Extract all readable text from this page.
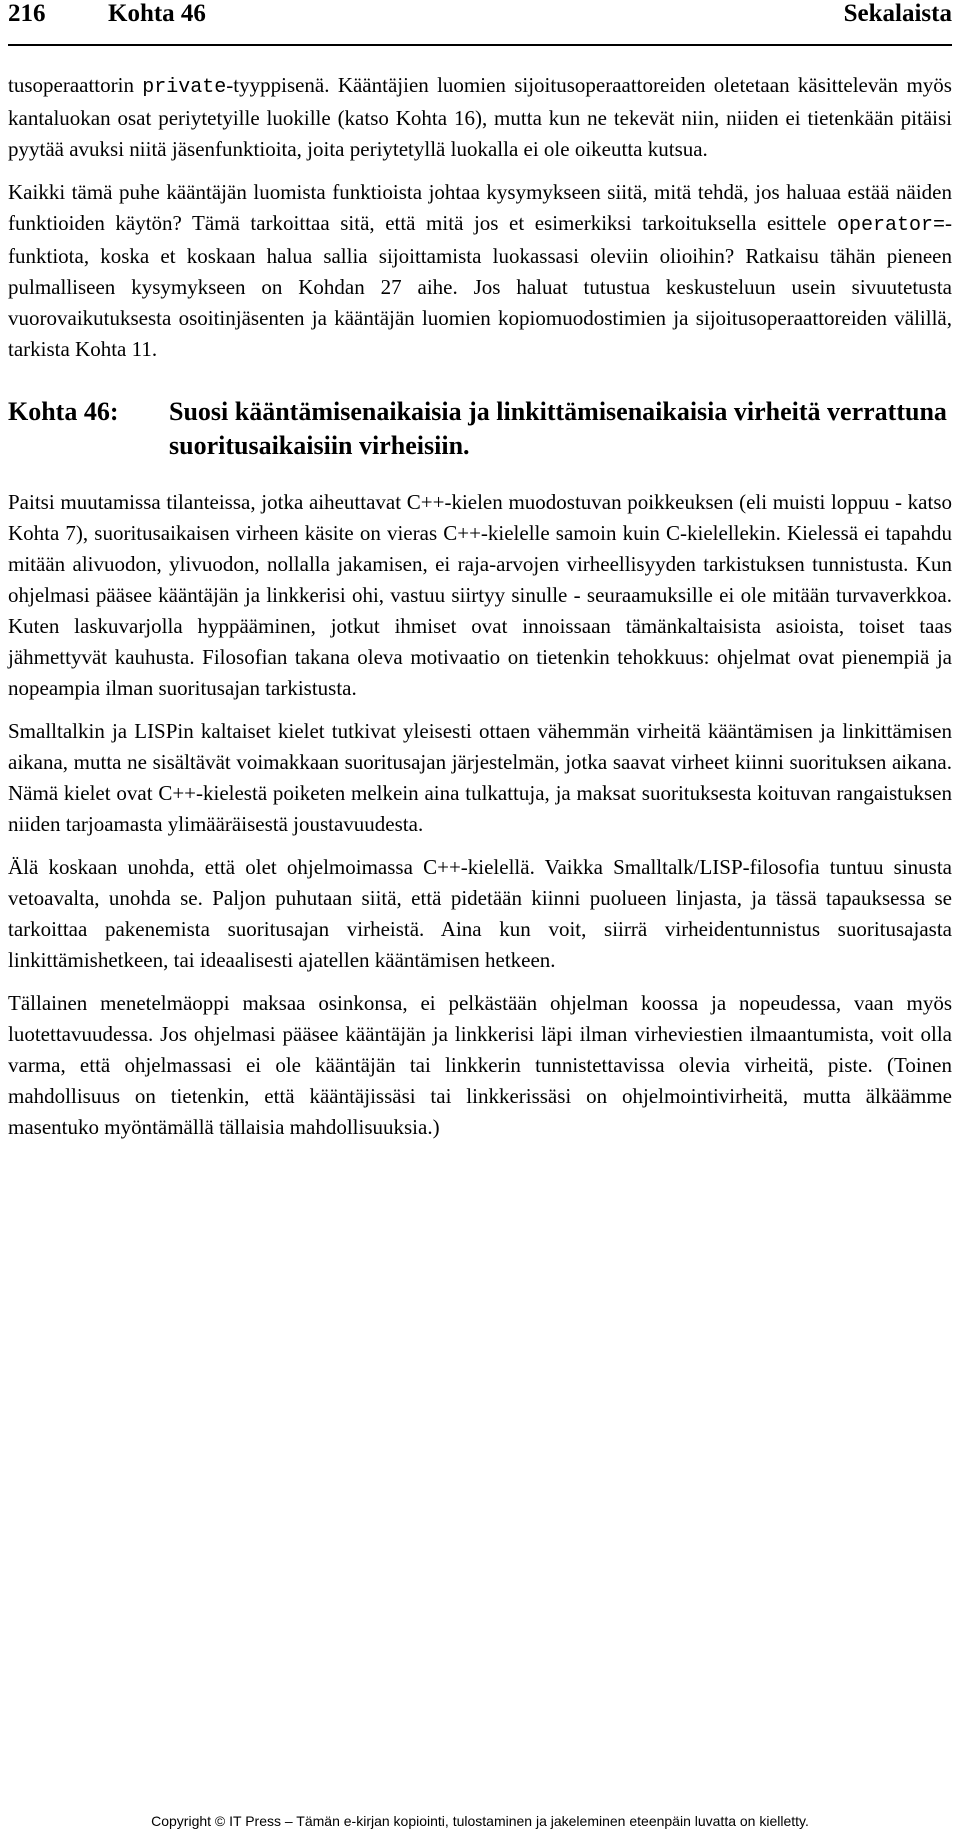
216	Kohta 46	Sekalaista

tusoperaattorin private-tyyppisenä. Kääntäjien luomien sijoitusoperaattoreiden oletetaan käsittelevän myös kantaluokan osat periytetyille luokille (katso Kohta 16), mutta kun ne tekevät niin, niiden ei tietenkään pitäisi pyytää avuksi niitä jäsenfunktioita, joita periytetyllä luokalla ei ole oikeutta kutsua.

Kaikki tämä puhe kääntäjän luomista funktioista johtaa kysymykseen siitä, mitä tehdä, jos haluaa estää näiden funktioiden käytön? Tämä tarkoittaa sitä, että mitä jos et esimerkiksi tarkoituksella esittele operator=-funktiota, koska et koskaan halua sallia sijoittamista luokassasi oleviin olioihin? Ratkaisu tähän pieneen pulmalliseen kysymykseen on Kohdan 27 aihe. Jos haluat tutustua keskusteluun usein sivuutetusta vuorovaikutuksesta osoitinjäsenten ja kääntäjän luomien kopiomuodostimien ja sijoitusoperaattoreiden välillä, tarkista Kohta 11.

Kohta 46:	Suosi kääntämisenaikaisia ja linkittämisenaikaisia virheitä verrattuna suoritusaikaisiin virheisiin.

Paitsi muutamissa tilanteissa, jotka aiheuttavat C++-kielen muodostuvan poikkeuksen (eli muisti loppuu - katso Kohta 7), suoritusaikaisen virheen käsite on vieras C++-kielelle samoin kuin C-kielellekin. Kielessä ei tapahdu mitään alivuodon, ylivuodon, nollalla jakamisen, ei raja-arvojen virheellisyyden tarkistuksen tunnistusta. Kun ohjelmasi pääsee kääntäjän ja linkkerisi ohi, vastuu siirtyy sinulle - seuraamuksille ei ole mitään turvaverkkoa. Kuten laskuvarjolla hyppääminen, jotkut ihmiset ovat innoissaan tämänkaltaisista asioista, toiset taas jähmettyvät kauhusta. Filosofian takana oleva motivaatio on tietenkin tehokkuus: ohjelmat ovat pienempiä ja nopeampia ilman suoritusajan tarkistusta.

Smalltalkin ja LISPin kaltaiset kielet tutkivat yleisesti ottaen vähemmän virheitä kääntämisen ja linkittämisen aikana, mutta ne sisältävät voimakkaan suoritusajan järjestelmän, jotka saavat virheet kiinni suorituksen aikana. Nämä kielet ovat C++-kielestä poiketen melkein aina tulkattuja, ja maksat suorituksesta koituvan rangaistuksen niiden tarjoamasta ylimääräisestä joustavuudesta.

Älä koskaan unohda, että olet ohjelmoimassa C++-kielellä. Vaikka Smalltalk/LISP-filosofia tuntuu sinusta vetoavalta, unohda se. Paljon puhutaan siitä, että pidetään kiinni puolueen linjasta, ja tässä tapauksessa se tarkoittaa pakenemista suoritusajan virheistä. Aina kun voit, siirrä virheidentunnistus suoritusajasta linkittämishetkeen, tai ideaalisesti ajatellen kääntämisen hetkeen.

Tällainen menetelmäoppi maksaa osinkonsa, ei pelkästään ohjelman koossa ja nopeudessa, vaan myös luotettavuudessa. Jos ohjelmasi pääsee kääntäjän ja linkkerisi läpi ilman virheviestien ilmaantumista, voit olla varma, että ohjelmassasi ei ole kääntäjän tai linkkerin tunnistettavissa olevia virheitä, piste. (Toinen mahdollisuus on tietenkin, että kääntäjissäsi tai linkkerissäsi on ohjelmointivirheitä, mutta älkäämme masentuko myöntämällä tällaisia mahdollisuuksia.)

Copyright © IT Press – Tämän e-kirjan kopiointi, tulostaminen ja jakeleminen eteenpäin luvatta on kielletty.
